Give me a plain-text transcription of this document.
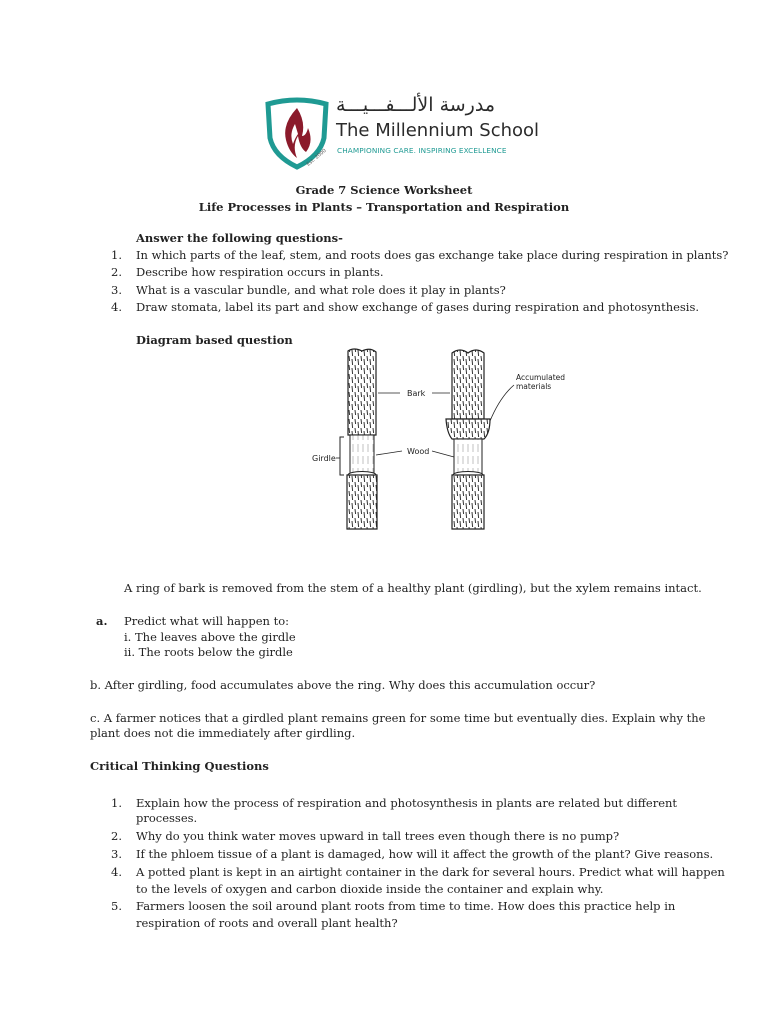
Est. 2000
مدرسة الألـــفـــيـــة
The Millennium School
CHAMPIONING CARE. INSPIRING EXCELLENCE
Grade 7 Science Worksheet
Life Processes in Plants – Transportation and Respiration
Answer the following questions-
1. In which parts of the leaf, stem, and roots does gas exchange take place during respiration in plants?
2. Describe how respiration occurs in plants.
3. What is a vascular bundle, and what role does it play in plants?
4. Draw stomata, label its part and show exchange of gases during respiration and photosynthesis.
Diagram based question
Bark
Wood
Girdle
Accumulated
materials
A ring of bark is removed from the stem of a healthy plant (girdling), but the xylem remains intact.
a. Predict what will happen to:
i. The leaves above the girdle
ii. The roots below the girdle
b. After girdling, food accumulates above the ring. Why does this accumulation occur?
c. A farmer notices that a girdled plant remains green for some time but eventually dies. Explain why the
plant does not die immediately after girdling.
Critical Thinking Questions
1. Explain how the process of respiration and photosynthesis in plants are related but different
processes.
2. Why do you think water moves upward in tall trees even though there is no pump?
3. If the phloem tissue of a plant is damaged, how will it affect the growth of the plant? Give reasons.
4. A potted plant is kept in an airtight container in the dark for several hours. Predict what will happen
to the levels of oxygen and carbon dioxide inside the container and explain why.
5. Farmers loosen the soil around plant roots from time to time. How does this practice help in
respiration of roots and overall plant health?
